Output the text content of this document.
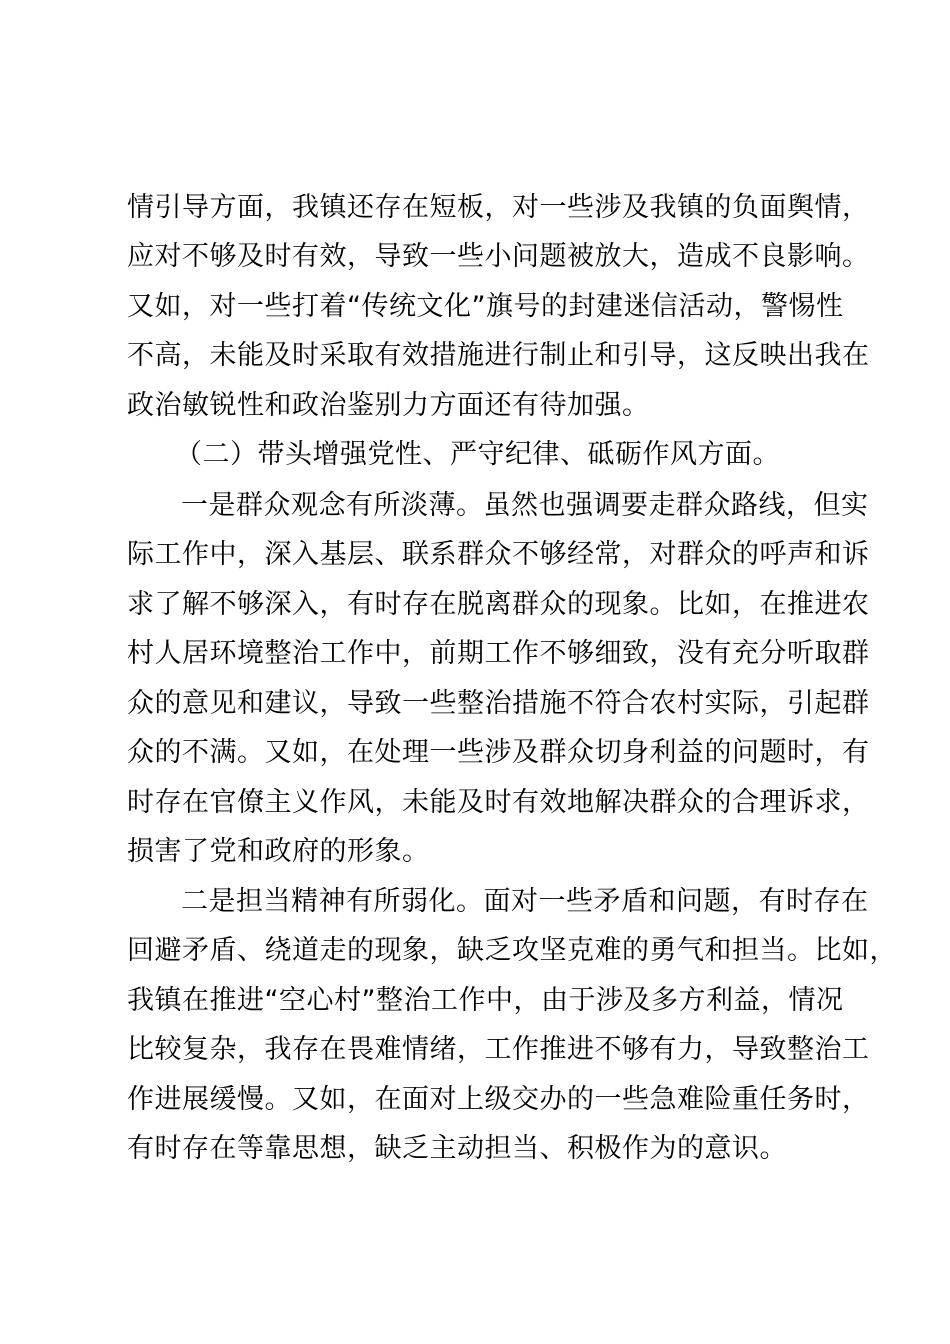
情引导方面，我镇还存在短板，对一些涉及我镇的负面舆情，
应对不够及时有效，导致一些小问题被放大，造成不良影响。
又如，对一些打着“传统文化”旗号的封建迷信活动，警惕性
不高，未能及时采取有效措施进行制止和引导，这反映出我在
政治敏锐性和政治鉴别力方面还有待加强。
（二）带头增强党性、严守纪律、砥砺作风方面。
一是群众观念有所淡薄。虽然也强调要走群众路线，但实
际工作中，深入基层、联系群众不够经常，对群众的呼声和诉
求了解不够深入，有时存在脱离群众的现象。比如，在推进农
村人居环境整治工作中，前期工作不够细致，没有充分听取群
众的意见和建议，导致一些整治措施不符合农村实际，引起群
众的不满。又如，在处理一些涉及群众切身利益的问题时，有
时存在官僚主义作风，未能及时有效地解决群众的合理诉求，
损害了党和政府的形象。
二是担当精神有所弱化。面对一些矛盾和问题，有时存在
回避矛盾、绕道走的现象，缺乏攻坚克难的勇气和担当。比如，
我镇在推进“空心村”整治工作中，由于涉及多方利益，情况
比较复杂，我存在畏难情绪，工作推进不够有力，导致整治工
作进展缓慢。又如，在面对上级交办的一些急难险重任务时，
有时存在等靠思想，缺乏主动担当、积极作为的意识。
